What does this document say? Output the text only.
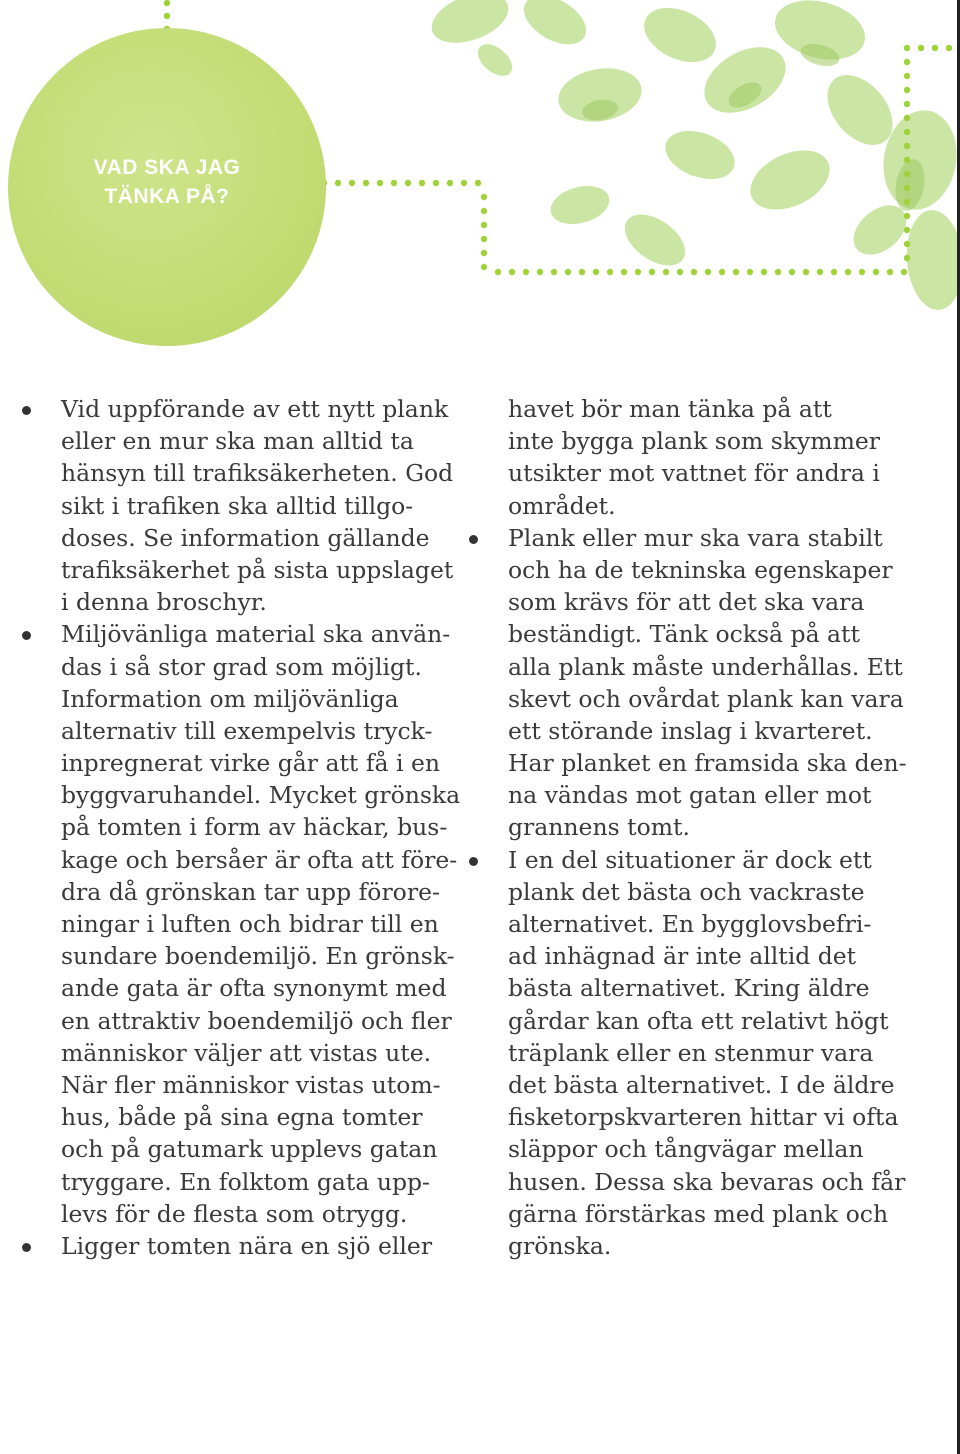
VAD SKA JAG
TÄNKA PÅ?
Vid uppförande av ett nytt plank
eller en mur ska man alltid ta
hänsyn till trafiksäkerheten. God
sikt i trafiken ska alltid tillgo-
doses. Se information gällande
trafiksäkerhet på sista uppslaget
i denna broschyr.
Miljövänliga material ska använ-
das i så stor grad som möjligt.
Information om miljövänliga
alternativ till exempelvis tryck-
inpregnerat virke går att få i en
byggvaruhandel. Mycket grönska
på tomten i form av häckar, bus-
kage och bersåer är ofta att före-
dra då grönskan tar upp förore-
ningar i luften och bidrar till en
sundare boendemiljö. En grönsk-
ande gata är ofta synonymt med
en attraktiv boendemiljö och fler
människor väljer att vistas ute.
När fler människor vistas utom-
hus, både på sina egna tomter
och på gatumark upplevs gatan
tryggare. En folktom gata upp-
levs för de flesta som otrygg.
Ligger tomten nära en sjö eller
havet bör man tänka på att
inte bygga plank som skymmer
utsikter mot vattnet för andra i
området.
Plank eller mur ska vara stabilt
och ha de tekninska egenskaper
som krävs för att det ska vara
beständigt. Tänk också på att
alla plank måste underhållas. Ett
skevt och ovårdat plank kan vara
ett störande inslag i kvarteret.
Har planket en framsida ska den-
na vändas mot gatan eller mot
grannens tomt.
I en del situationer är dock ett
plank det bästa och vackraste
alternativet. En bygglovsbefri-
ad inhägnad är inte alltid det
bästa alternativet. Kring äldre
gårdar kan ofta ett relativt högt
träplank eller en stenmur vara
det bästa alternativet. I de äldre
fisketorpskvarteren hittar vi ofta
släppor och tångvägar mellan
husen. Dessa ska bevaras och får
gärna förstärkas med plank och
grönska.
